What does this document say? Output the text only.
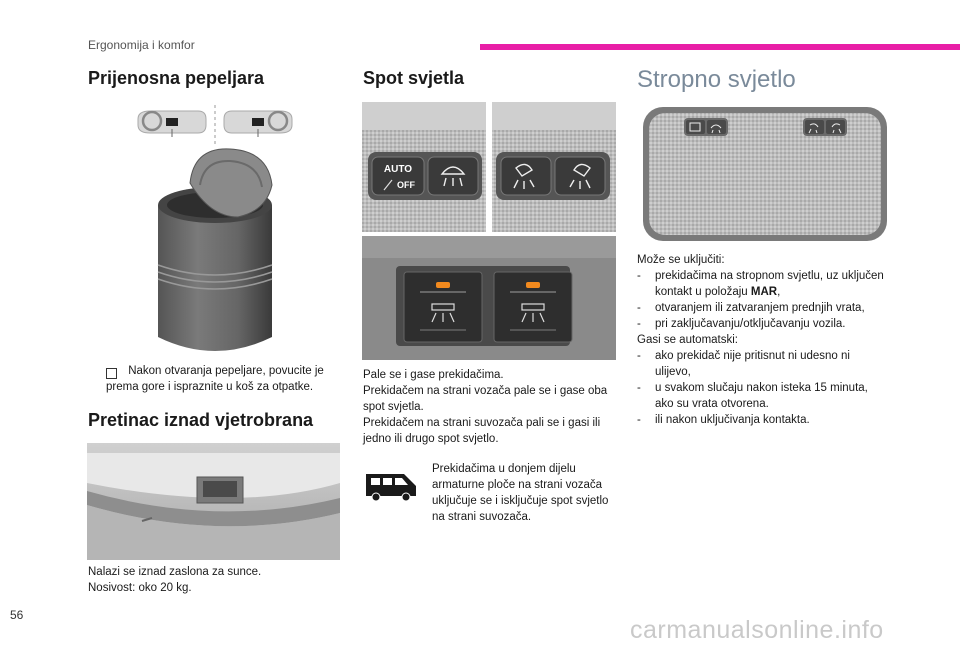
Ergonomija i komfor
Prijenosna pepeljara
Nakon otvaranja pepeljare, povucite je prema gore i ispraznite u koš za otpatke.
Pretinac iznad vjetrobrana
Nalazi se iznad zaslona za sunce.
Nosivost: oko 20 kg.
Spot svjetla
AUTO
OFF
Pale se i gase prekidačima.
Prekidačem na strani vozača pale se i gase oba spot svjetla.
Prekidačem na strani suvozača pali se i gasi ili jedno ili drugo spot svjetlo.
Prekidačima u donjem dijelu armaturne ploče na strani vozača uključuje se i isključuje spot svjetlo na strani suvozača.
Stropno svjetlo
Može se uključiti:
- prekidačima na stropnom svjetlu, uz uključen kontakt u položaju MAR,
- otvaranjem ili zatvaranjem prednjih vrata,
- pri zaključavanju/otključavanju vozila.
Gasi se automatski:
- ako prekidač nije pritisnut ni udesno ni ulijevo,
- u svakom slučaju nakon isteka 15 minuta, ako su vrata otvorena.
- ili nakon uključivanja kontakta.
56
carmanualsonline.info
